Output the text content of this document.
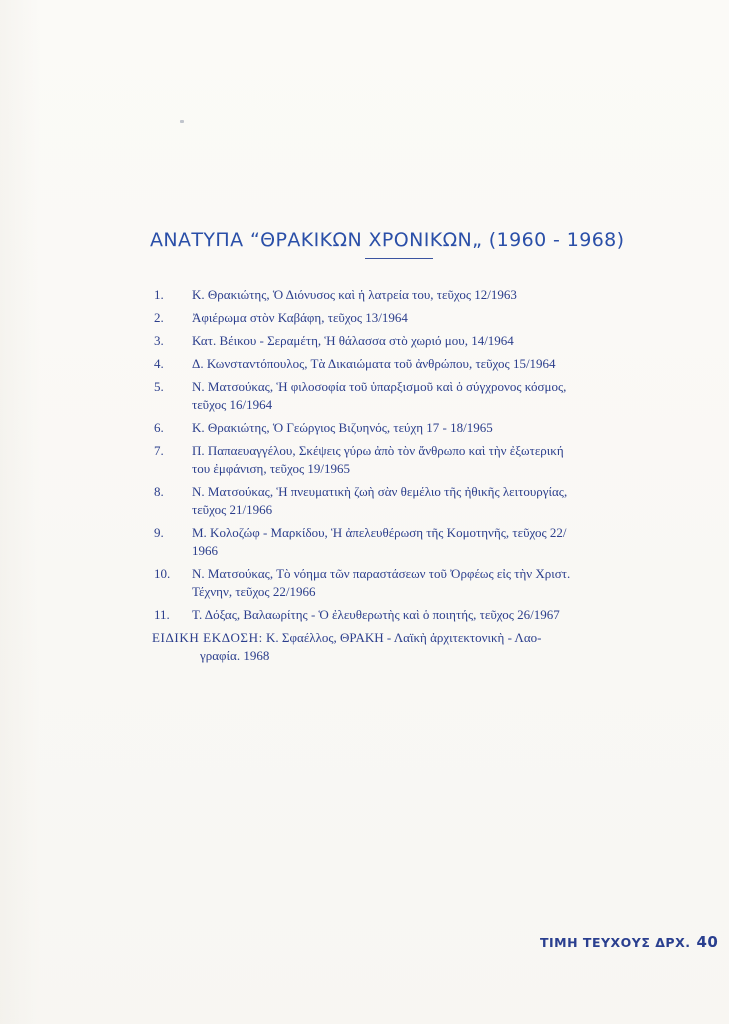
ΑΝΑΤΥΠΑ “ΘΡΑΚΙΚΩΝ ΧΡΟΝΙΚΩΝ„ (1960 - 1968)
1.	Κ. Θρακιώτης, Ὁ Διόνυσος καὶ ἡ λατρεία του, τεῦχος 12/1963
2.	Ἀφιέρωμα στὸν Καβάφη, τεῦχος 13/1964
3.	Κατ. Βέικου - Σεραμέτη, Ἡ θάλασσα στὸ χωριό μου, 14/1964
4.	Δ. Κωνσταντόπουλος, Τὰ Δικαιώματα τοῦ ἀνθρώπου, τεῦχος 15/1964
5.	Ν. Ματσούκας, Ἡ φιλοσοφία τοῦ ὑπαρξισμοῦ καὶ ὁ σύγχρονος κόσμος,
τεῦχος 16/1964
6.	Κ. Θρακιώτης, Ὁ Γεώργιος Βιζυηνός, τεύχη 17 - 18/1965
7.	Π. Παπαευαγγέλου, Σκέψεις γύρω ἀπὸ τὸν ἄνθρωπο καὶ τὴν ἐξωτερική
του ἐμφάνιση, τεῦχος 19/1965
8.	Ν. Ματσούκας, Ἡ πνευματικὴ ζωὴ σὰν θεμέλιο τῆς ἠθικῆς λειτουργίας,
τεῦχος 21/1966
9.	Μ. Κολοζώφ - Μαρκίδου, Ἡ ἀπελευθέρωση τῆς Κομοτηνῆς, τεῦχος 22/
1966
10.	Ν. Ματσούκας, Τὸ νόημα τῶν παραστάσεων τοῦ Ὀρφέως εἰς τὴν Χριστ.
Τέχνην, τεῦχος 22/1966
11.	Τ. Δόξας, Βαλαωρίτης - Ὁ ἐλευθερωτὴς καὶ ὁ ποιητής, τεῦχος 26/1967
ΕΙΔΙΚΗ ΕΚΔΟΣΗ: Κ. Σφαέλλος, ΘΡΑΚΗ - Λαϊκὴ ἀρχιτεκτονικὴ - Λαο-
γραφία. 1968
ΤΙΜΗ ΤΕΥΧΟΥΣ ΔΡΧ. 40
